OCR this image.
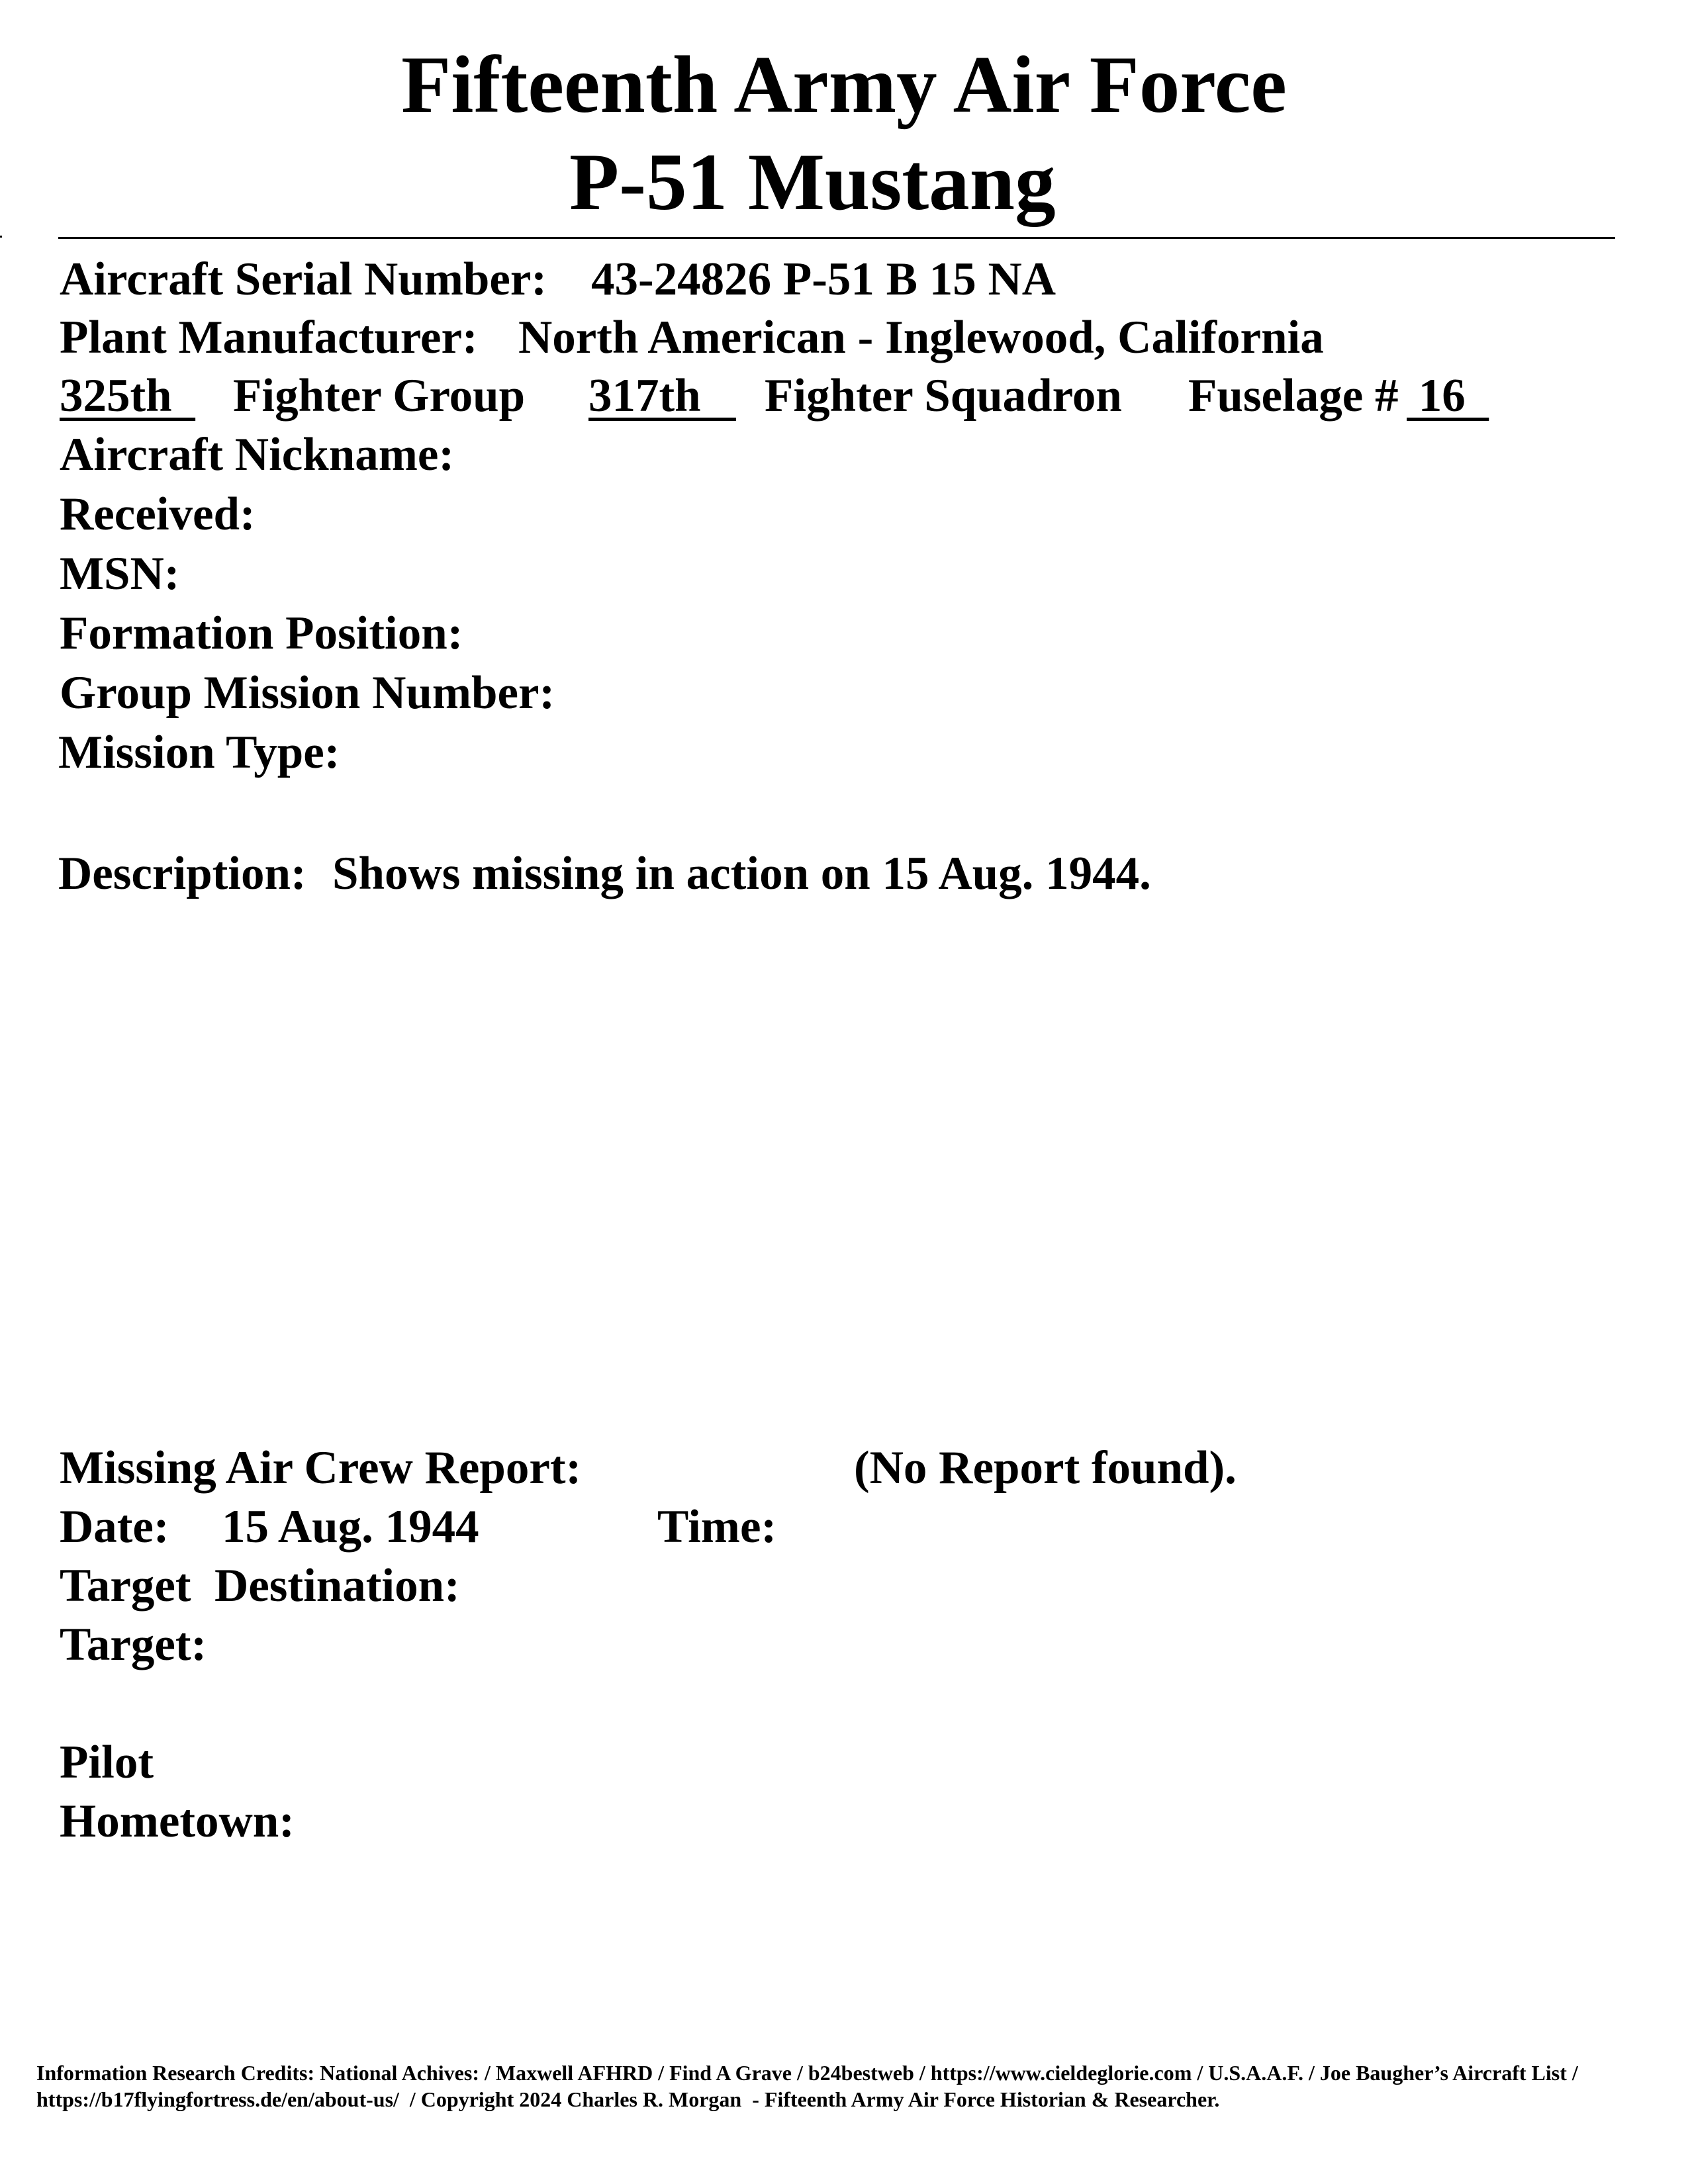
Fifteenth Army Air Force
P-51 Mustang
Aircraft Serial Number: 43-24826 P-51 B 15 NA
Plant Manufacturer: North American - Inglewood, California
325th Fighter Group 317th Fighter Squadron Fuselage # 16
Aircraft Nickname:
Received:
MSN:
Formation Position:
Group Mission Number:
Mission Type:
Description: Shows missing in action on 15 Aug. 1944.
Missing Air Crew Report:	(No Report found).
Date: 15 Aug. 1944	Time:
Target  Destination:
Target:
Pilot
Hometown:
Information Research Credits: National Achives: / Maxwell AFHRD / Find A Grave / b24bestweb / https://www.cieldeglorie.com / U.S.A.A.F. / Joe Baugher’s Aircraft List /
https://b17flyingfortress.de/en/about-us/  / Copyright 2024 Charles R. Morgan  - Fifteenth Army Air Force Historian & Researcher.
